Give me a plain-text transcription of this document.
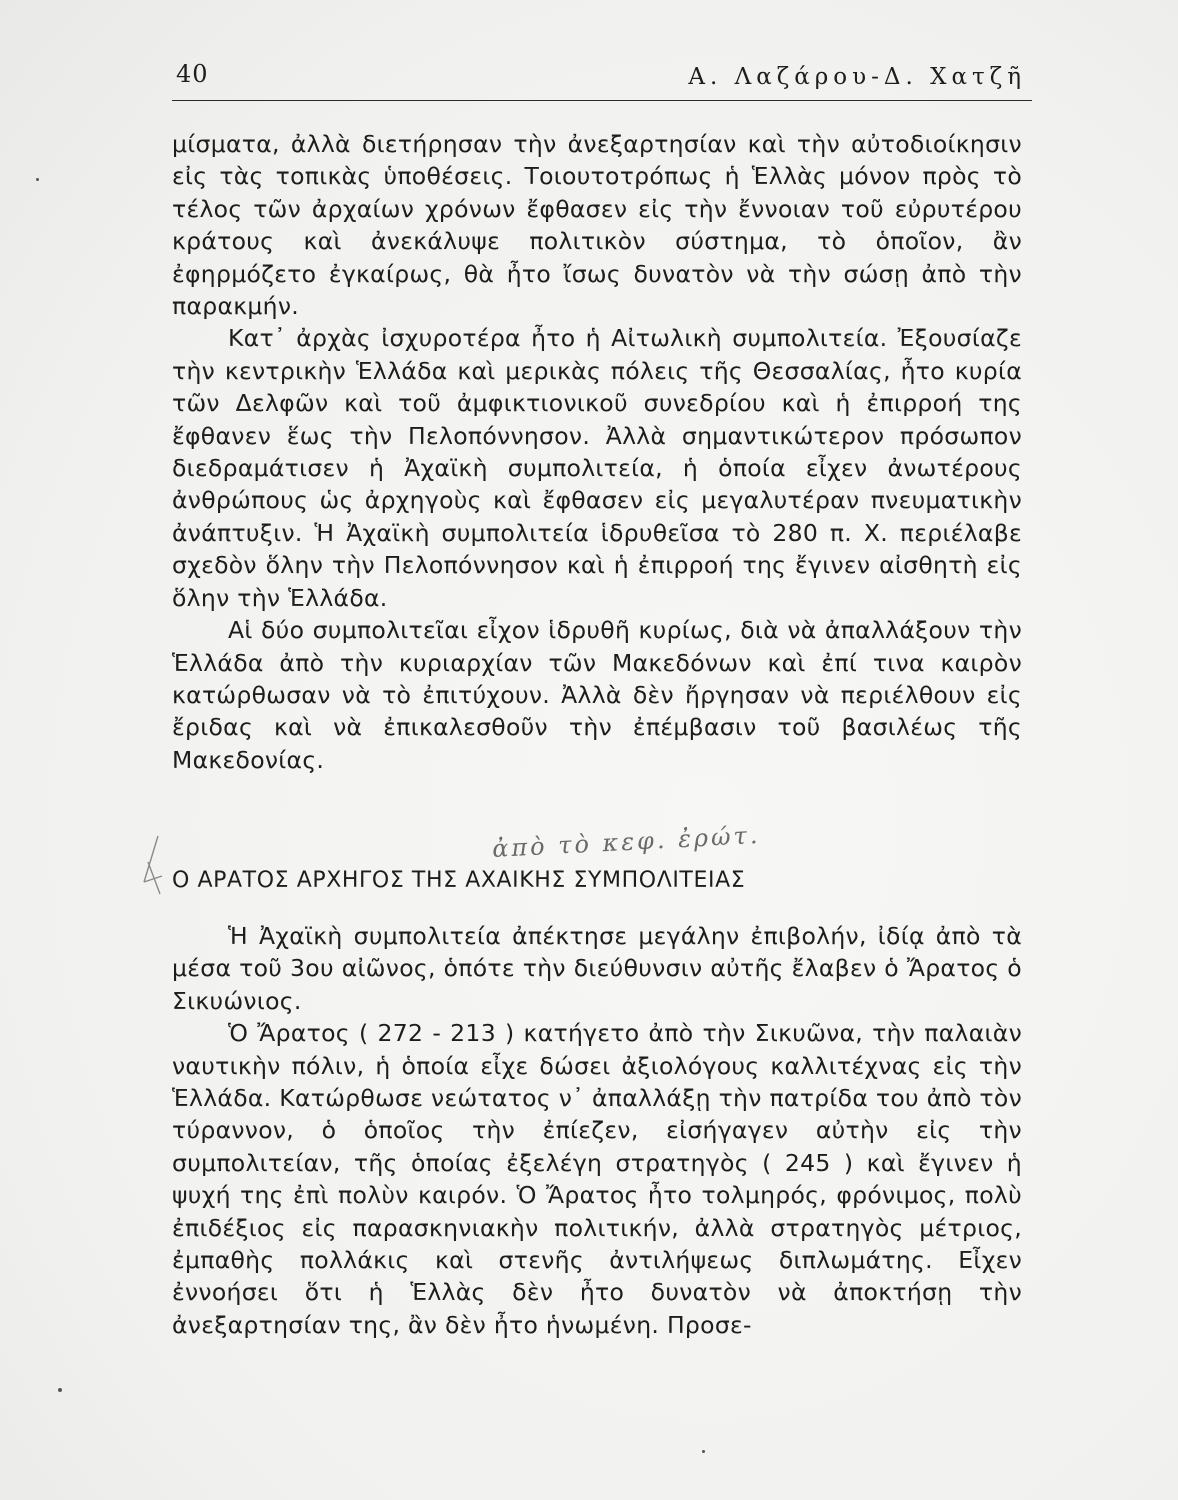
40	Α. Λαζάρου-Δ. Χατζῆ

μίσματα, ἀλλὰ διετήρησαν τὴν ἀνεξαρτησίαν καὶ τὴν αὐτοδιοίκησιν εἰς τὰς τοπικὰς ὑποθέσεις. Τοιουτοτρόπως ἡ Ἑλλὰς μόνον πρὸς τὸ τέλος τῶν ἀρχαίων χρόνων ἔφθασεν εἰς τὴν ἔννοιαν τοῦ εὐρυτέρου κράτους καὶ ἀνεκάλυψε πολιτικὸν σύστημα, τὸ ὁποῖον, ἂν ἐφηρμόζετο ἐγκαίρως, θὰ ἦτο ἴσως δυνατὸν νὰ τὴν σώσῃ ἀπὸ τὴν παρακμήν.

Κατ᾽ ἀρχὰς ἰσχυροτέρα ἦτο ἡ Αἰτωλικὴ συμπολιτεία. Ἐξουσίαζε τὴν κεντρικὴν Ἑλλάδα καὶ μερικὰς πόλεις τῆς Θεσσαλίας, ἦτο κυρία τῶν Δελφῶν καὶ τοῦ ἀμφικτιονικοῦ συνεδρίου καὶ ἡ ἐπιρροή της ἔφθανεν ἕως τὴν Πελοπόννησον. Ἀλλὰ σημαντικώτερον πρόσωπον διεδραμάτισεν ἡ Ἀχαϊκὴ συμπολιτεία, ἡ ὁποία εἶχεν ἀνωτέρους ἀνθρώπους ὡς ἀρχηγοὺς καὶ ἔφθασεν εἰς μεγαλυτέραν πνευματικὴν ἀνάπτυξιν. Ἡ Ἀχαϊκὴ συμπολιτεία ἱδρυθεῖσα τὸ 280 π. Χ. περιέλαβε σχεδὸν ὅλην τὴν Πελοπόννησον καὶ ἡ ἐπιρροή της ἔγινεν αἰσθητὴ εἰς ὅλην τὴν Ἑλλάδα.

Αἱ δύο συμπολιτεῖαι εἶχον ἱδρυθῆ κυρίως, διὰ νὰ ἀπαλλάξουν τὴν Ἑλλάδα ἀπὸ τὴν κυριαρχίαν τῶν Μακεδόνων καὶ ἐπί τινα καιρὸν κατώρθωσαν νὰ τὸ ἐπιτύχουν. Ἀλλὰ δὲν ἤργησαν νὰ περιέλθουν εἰς ἔριδας καὶ νὰ ἐπικαλεσθοῦν τὴν ἐπέμβασιν τοῦ βασιλέως τῆς Μακεδονίας.

ἀπὸ τὸ κεφ. ἐρώτ.
Ο ΑΡΑΤΟΣ ΑΡΧΗΓΟΣ ΤΗΣ ΑΧΑΙΚΗΣ ΣΥΜΠΟΛΙΤΕΙΑΣ

Ἡ Ἀχαϊκὴ συμπολιτεία ἀπέκτησε μεγάλην ἐπιβολήν, ἰδίᾳ ἀπὸ τὰ μέσα τοῦ 3ου αἰῶνος, ὁπότε τὴν διεύθυνσιν αὐτῆς ἔλαβεν ὁ Ἄρατος ὁ Σικυώνιος.

Ὁ Ἄρατος ( 272 - 213 ) κατήγετο ἀπὸ τὴν Σικυῶνα, τὴν παλαιὰν ναυτικὴν πόλιν, ἡ ὁποία εἶχε δώσει ἀξιολόγους καλλιτέχνας εἰς τὴν Ἑλλάδα. Κατώρθωσε νεώτατος ν᾽ ἀπαλλάξῃ τὴν πατρίδα του ἀπὸ τὸν τύραννον, ὁ ὁποῖος τὴν ἐπίεζεν, εἰσήγαγεν αὐτὴν εἰς τὴν συμπολιτείαν, τῆς ὁποίας ἐξελέγη στρατηγὸς ( 245 ) καὶ ἔγινεν ἡ ψυχή της ἐπὶ πολὺν καιρόν. Ὁ Ἄρατος ἦτο τολμηρός, φρόνιμος, πολὺ ἐπιδέξιος εἰς παρασκηνιακὴν πολιτικήν, ἀλλὰ στρατηγὸς μέτριος, ἐμπαθὴς πολλάκις καὶ στενῆς ἀντιλήψεως διπλωμάτης. Εἶχεν ἐννοήσει ὅτι ἡ Ἑλλὰς δὲν ἦτο δυνατὸν νὰ ἀποκτήσῃ τὴν ἀνεξαρτησίαν της, ἂν δὲν ἦτο ἡνωμένη. Προσε-
